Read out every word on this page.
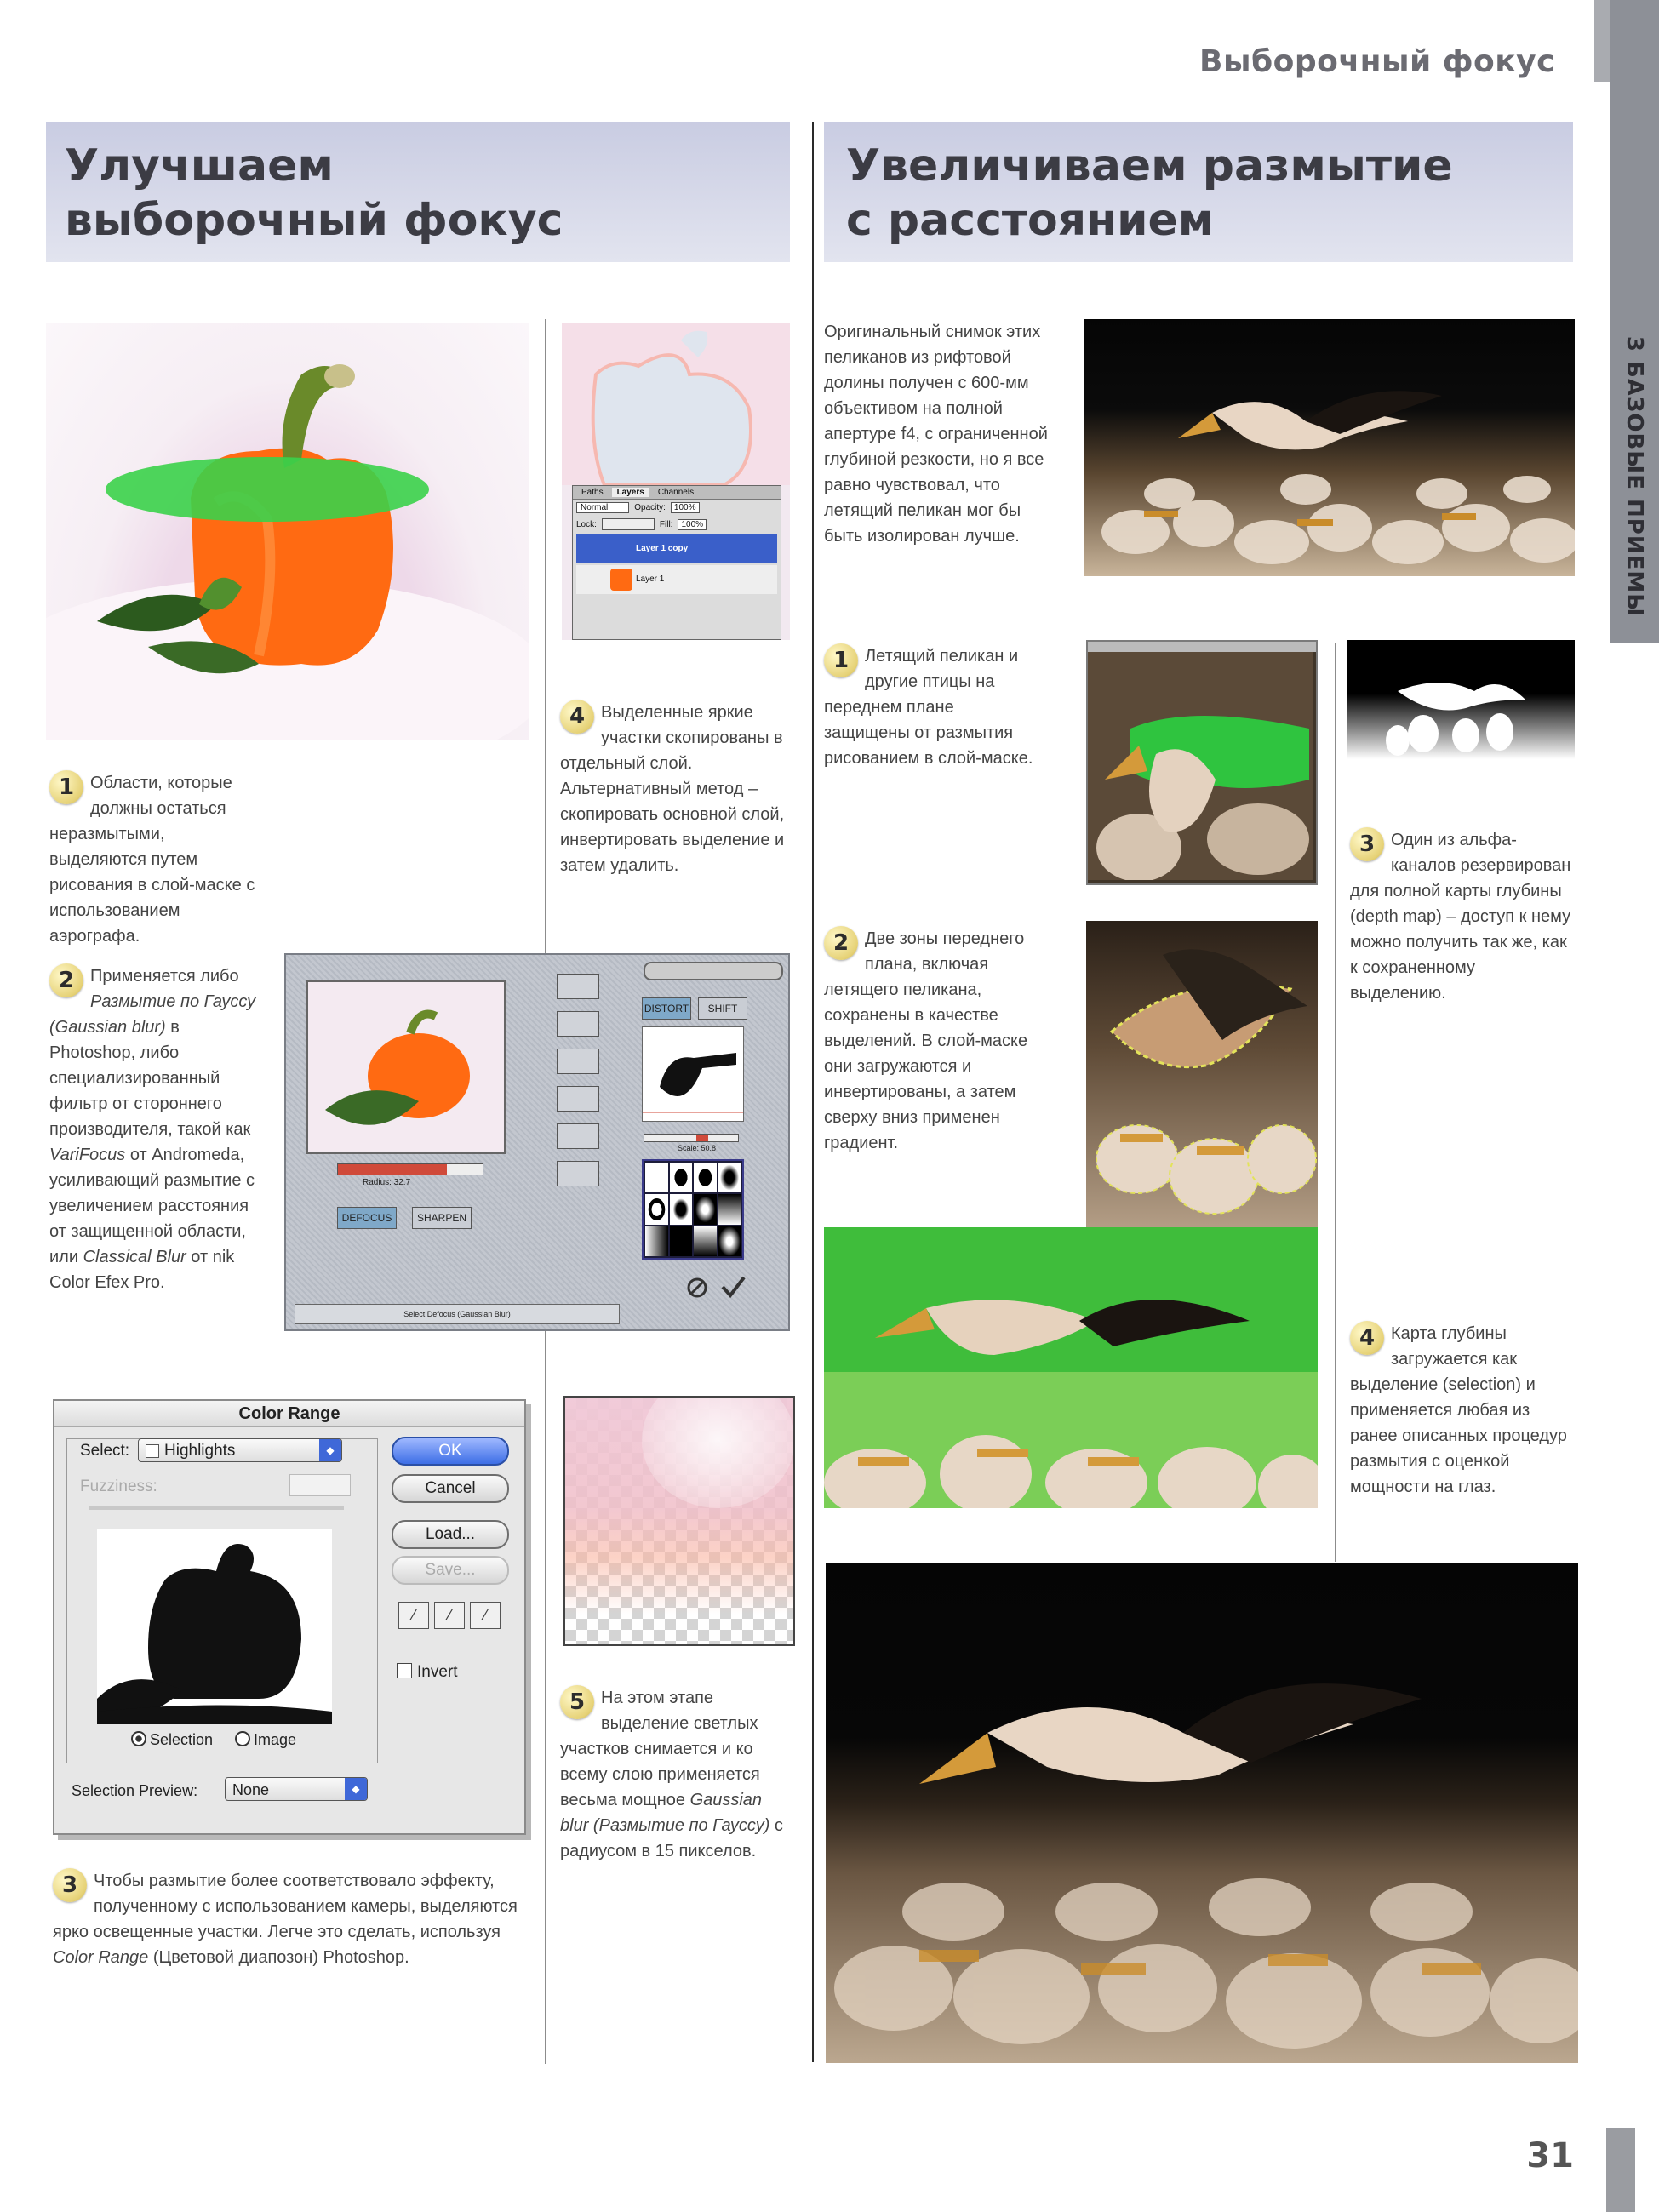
3 БАЗОВЫЕ ПРИЕМЫ
Выборочный фокус
Улучшаем выборочный фокус
Увеличиваем размытие с расстоянием
1 Области, которые должны остаться неразмытыми, выделяются путем рисования в слой-маске с использованием аэрографа.
Paths	Layers	Channels
Normal	Opacity:	100%
Lock:	Fill:	100%
Layer 1 copy
Layer 1
4 Выделенные яркие участки скопированы в отдельный слой. Альтернативный метод – скопировать основной слой, инвертировать выделение и затем удалить.
2 Применяется либо Размытие по Гауссу (Gaussian blur) в Photoshop, либо специализированный фильтр от стороннего производителя, такой как VariFocus от Andromeda, усиливающий размытие с увеличением расстояния от защищенной области, или Classical Blur от nik Color Efex Pro.
Radius: 32.7
DEFOCUS	SHARPEN
Select Defocus (Gaussian Blur)
DISTORT	SHIFT
Scale: 50.8
Color Range
Select:	Highlights	◆
Fuzziness:
Selection	Image
Selection Preview:	None	◆
OK
Cancel
Load...
Save...
⁄	⁄	⁄
Invert
5 На этом этапе выделение светлых участков снимается и ко всему слою применяется весьма мощное Gaussian blur (Размытие по Гауссу) с радиусом в 15 пикселов.
3 Чтобы размытие более соответствовало эффекту, полученному с использованием камеры, выделяются ярко освещенные участки. Легче это сделать, используя Color Range (Цветовой диапозон) Photoshop.
Оригинальный снимок этих пеликанов из рифтовой долины получен с 600-мм объективом на полной апертуре f4, с ограниченной глубиной резкости, но я все равно чувствовал, что летящий пеликан мог бы быть изолирован лучше.
1 Летящий пеликан и другие птицы на переднем плане защищены от размытия рисованием в слой-маске.
3 Один из альфа-каналов резервирован для полной карты глубины (depth map) – доступ к нему можно получить так же, как к сохраненному выделению.
2 Две зоны переднего плана, включая летящего пеликана, сохранены в качестве выделений. В слой-маске они загружаются и инвертированы, а затем сверху вниз применен градиент.
4 Карта глубины загружается как выделение (selection) и применяется любая из ранее описанных процедур размытия с оценкой мощности на глаз.
31
